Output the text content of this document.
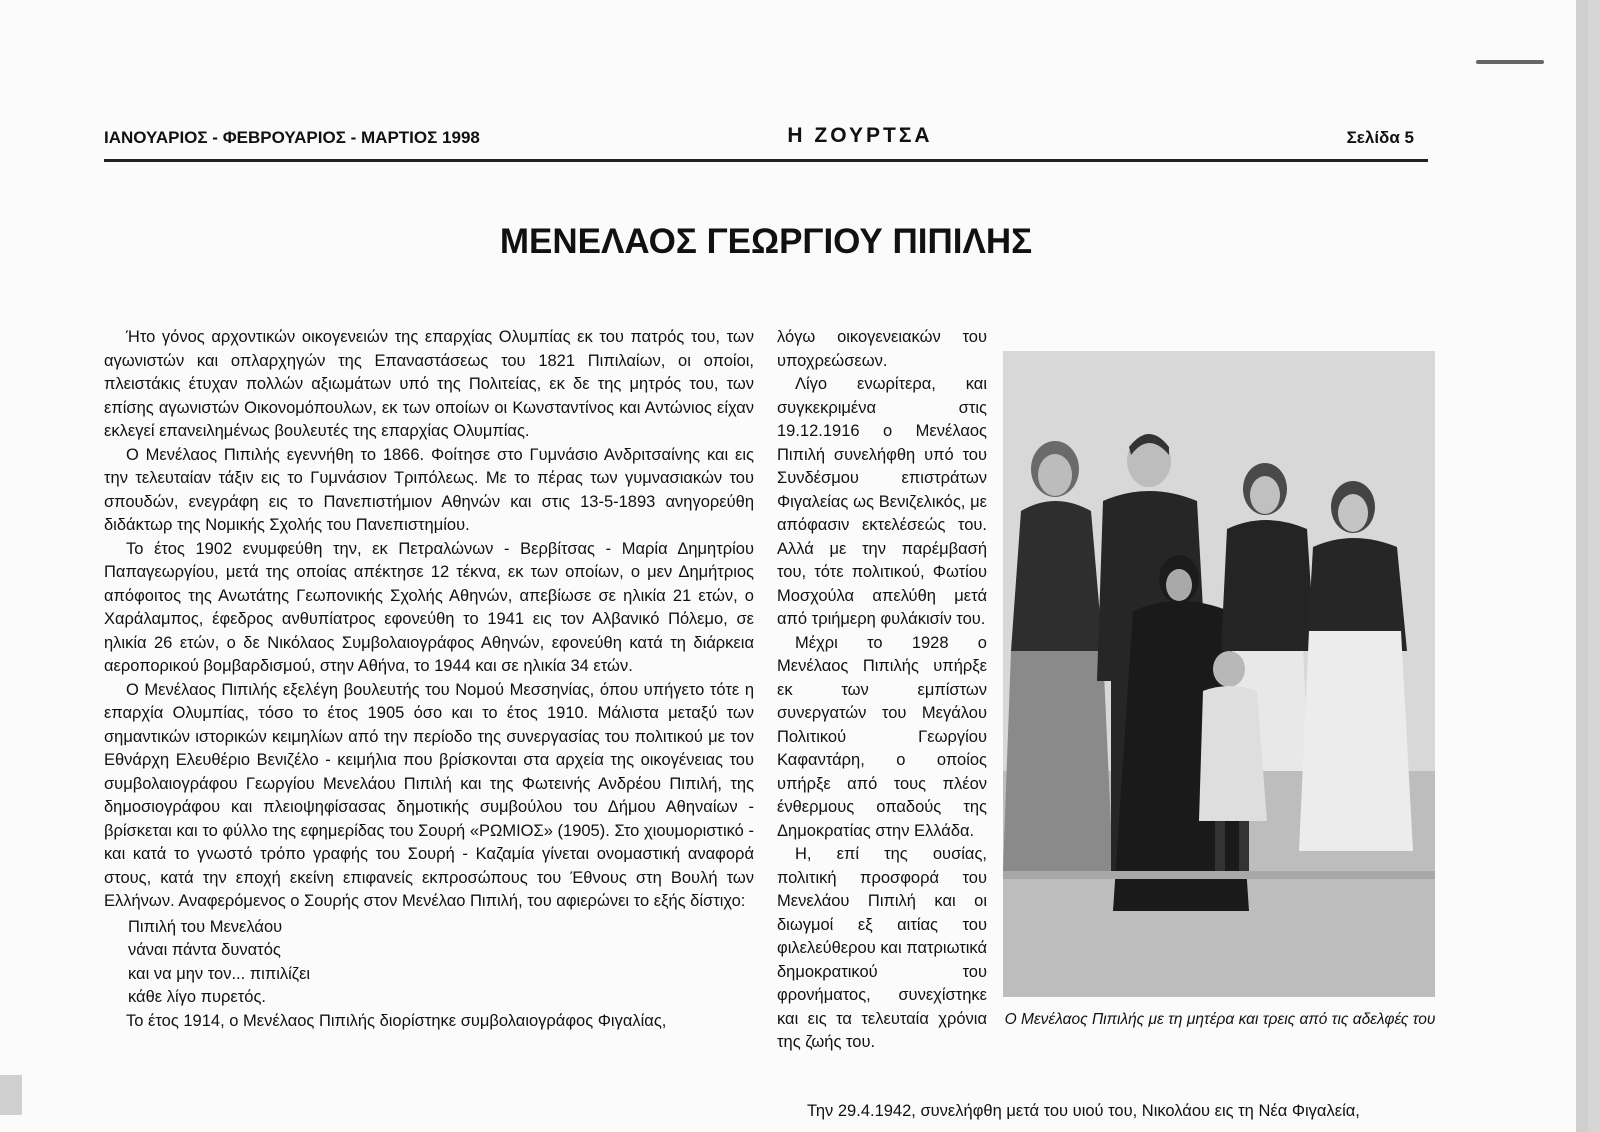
ΙΑΝΟΥΑΡΙΟΣ - ΦΕΒΡΟΥΑΡΙΟΣ - ΜΑΡΤΙΟΣ 1998	Η ΖΟΥΡΤΣΑ	Σελίδα 5
ΜΕΝΕΛΑΟΣ ΓΕΩΡΓΙΟΥ ΠΙΠΙΛΗΣ

Ήτο γόνος αρχοντικών οικογενειών της επαρχίας Ολυμπίας εκ του πατρός του, των αγωνιστών και οπλαρχηγών της Επαναστάσεως του 1821 Πιπιλαίων, οι οποίοι, πλειστάκις έτυχαν πολλών αξιωμάτων υπό της Πολιτείας, εκ δε της μητρός του, των επίσης αγωνιστών Οικονομόπουλων, εκ των οποίων οι Κωνσταντίνος και Αντώνιος είχαν εκλεγεί επανειλημένως βουλευτές της επαρχίας Ολυμπίας.

Ο Μενέλαος Πιπιλής εγεννήθη το 1866. Φοίτησε στο Γυμνάσιο Ανδριτσαίνης και εις την τελευταίαν τάξιν εις το Γυμνάσιον Τριπόλεως. Με το πέρας των γυμνασιακών του σπουδών, ενεγράφη εις το Πανεπιστήμιον Αθηνών και στις 13-5-1893 ανηγορεύθη διδάκτωρ της Νομικής Σχολής του Πανεπιστημίου.

Το έτος 1902 ενυμφεύθη την, εκ Πετραλώνων - Βερβίτσας - Μαρία Δημητρίου Παπαγεωργίου, μετά της οποίας απέκτησε 12 τέκνα, εκ των οποίων, ο μεν Δημήτριος απόφοιτος της Ανωτάτης Γεωπονικής Σχολής Αθηνών, απεβίωσε σε ηλικία 21 ετών, ο Χαράλαμπος, έφεδρος ανθυπίατρος εφονεύθη το 1941 εις τον Αλβανικό Πόλεμο, σε ηλικία 26 ετών, ο δε Νικόλαος Συμβολαιογράφος Αθηνών, εφονεύθη κατά τη διάρκεια αεροπορικού βομβαρδισμού, στην Αθήνα, το 1944 και σε ηλικία 34 ετών.

Ο Μενέλαος Πιπιλής εξελέγη βουλευτής του Νομού Μεσσηνίας, όπου υπήγετο τότε η επαρχία Ολυμπίας, τόσο το έτος 1905 όσο και το έτος 1910. Μάλιστα μεταξύ των σημαντικών ιστορικών κειμηλίων από την περίοδο της συνεργασίας του πολιτικού με τον Εθνάρχη Ελευθέριο Βενιζέλο - κειμήλια που βρίσκονται στα αρχεία της οικογένειας του συμβολαιογράφου Γεωργίου Μενελάου Πιπιλή και της Φωτεινής Ανδρέου Πιπιλή, της δημοσιογράφου και πλειοψηφίσασας δημοτικής συμβούλου του Δήμου Αθηναίων - βρίσκεται και το φύλλο της εφημερίδας του Σουρή «ΡΩΜΙΟΣ» (1905). Στο χιουμοριστικό - και κατά το γνωστό τρόπο γραφής του Σουρή - Καζαμία γίνεται ονομαστική αναφορά στους, κατά την εποχή εκείνη επιφανείς εκπροσώπους του Έθνους στη Βουλή των Ελλήνων. Αναφερόμενος ο Σουρής στον Μενέλαο Πιπιλή, του αφιερώνει το εξής δίστιχο:

Πιπιλή του Μενελάου
νάναι πάντα δυνατός
και να μην τον... πιπιλίζει
κάθε λίγο πυρετός.

Το έτος 1914, ο Μενέλαος Πιπιλής διορίστηκε συμβολαιογράφος Φιγαλίας,

λόγω οικογενειακών του υποχρεώσεων.

Λίγο ενωρίτερα, και συγκεκριμένα στις 19.12.1916 ο Μενέλαος Πιπιλή συνελήφθη υπό του Συνδέσμου επιστράτων Φιγαλείας ως Βενιζελικός, με απόφασιν εκτελέσεώς του. Αλλά με την παρέμβασή του, τότε πολιτικού, Φωτίου Μοσχούλα απελύθη μετά από τριήμερη φυλάκισίν του.

Μέχρι το 1928 ο Μενέλαος Πιπιλής υπήρξε εκ των εμπίστων συνεργατών του Μεγάλου Πολιτικού Γεωργίου Καφαντάρη, ο οποίος υπήρξε από τους πλέον ένθερμους οπαδούς της Δημοκρατίας στην Ελλάδα.

Η, επί της ουσίας, πολιτική προσφορά του Μενελάου Πιπιλή και οι διωγμοί εξ αιτίας του φιλελεύθερου και πατριωτικά δημοκρατικού του φρονήματος, συνεχίστηκε και εις τα τελευταία χρόνια της ζωής του.

Ο Μενέλαος Πιπιλής με τη μητέρα και τρεις από τις αδελφές του
Την 29.4.1942, συνελήφθη μετά του υιού του, Νικολάου εις τη Νέα Φιγαλεία,
